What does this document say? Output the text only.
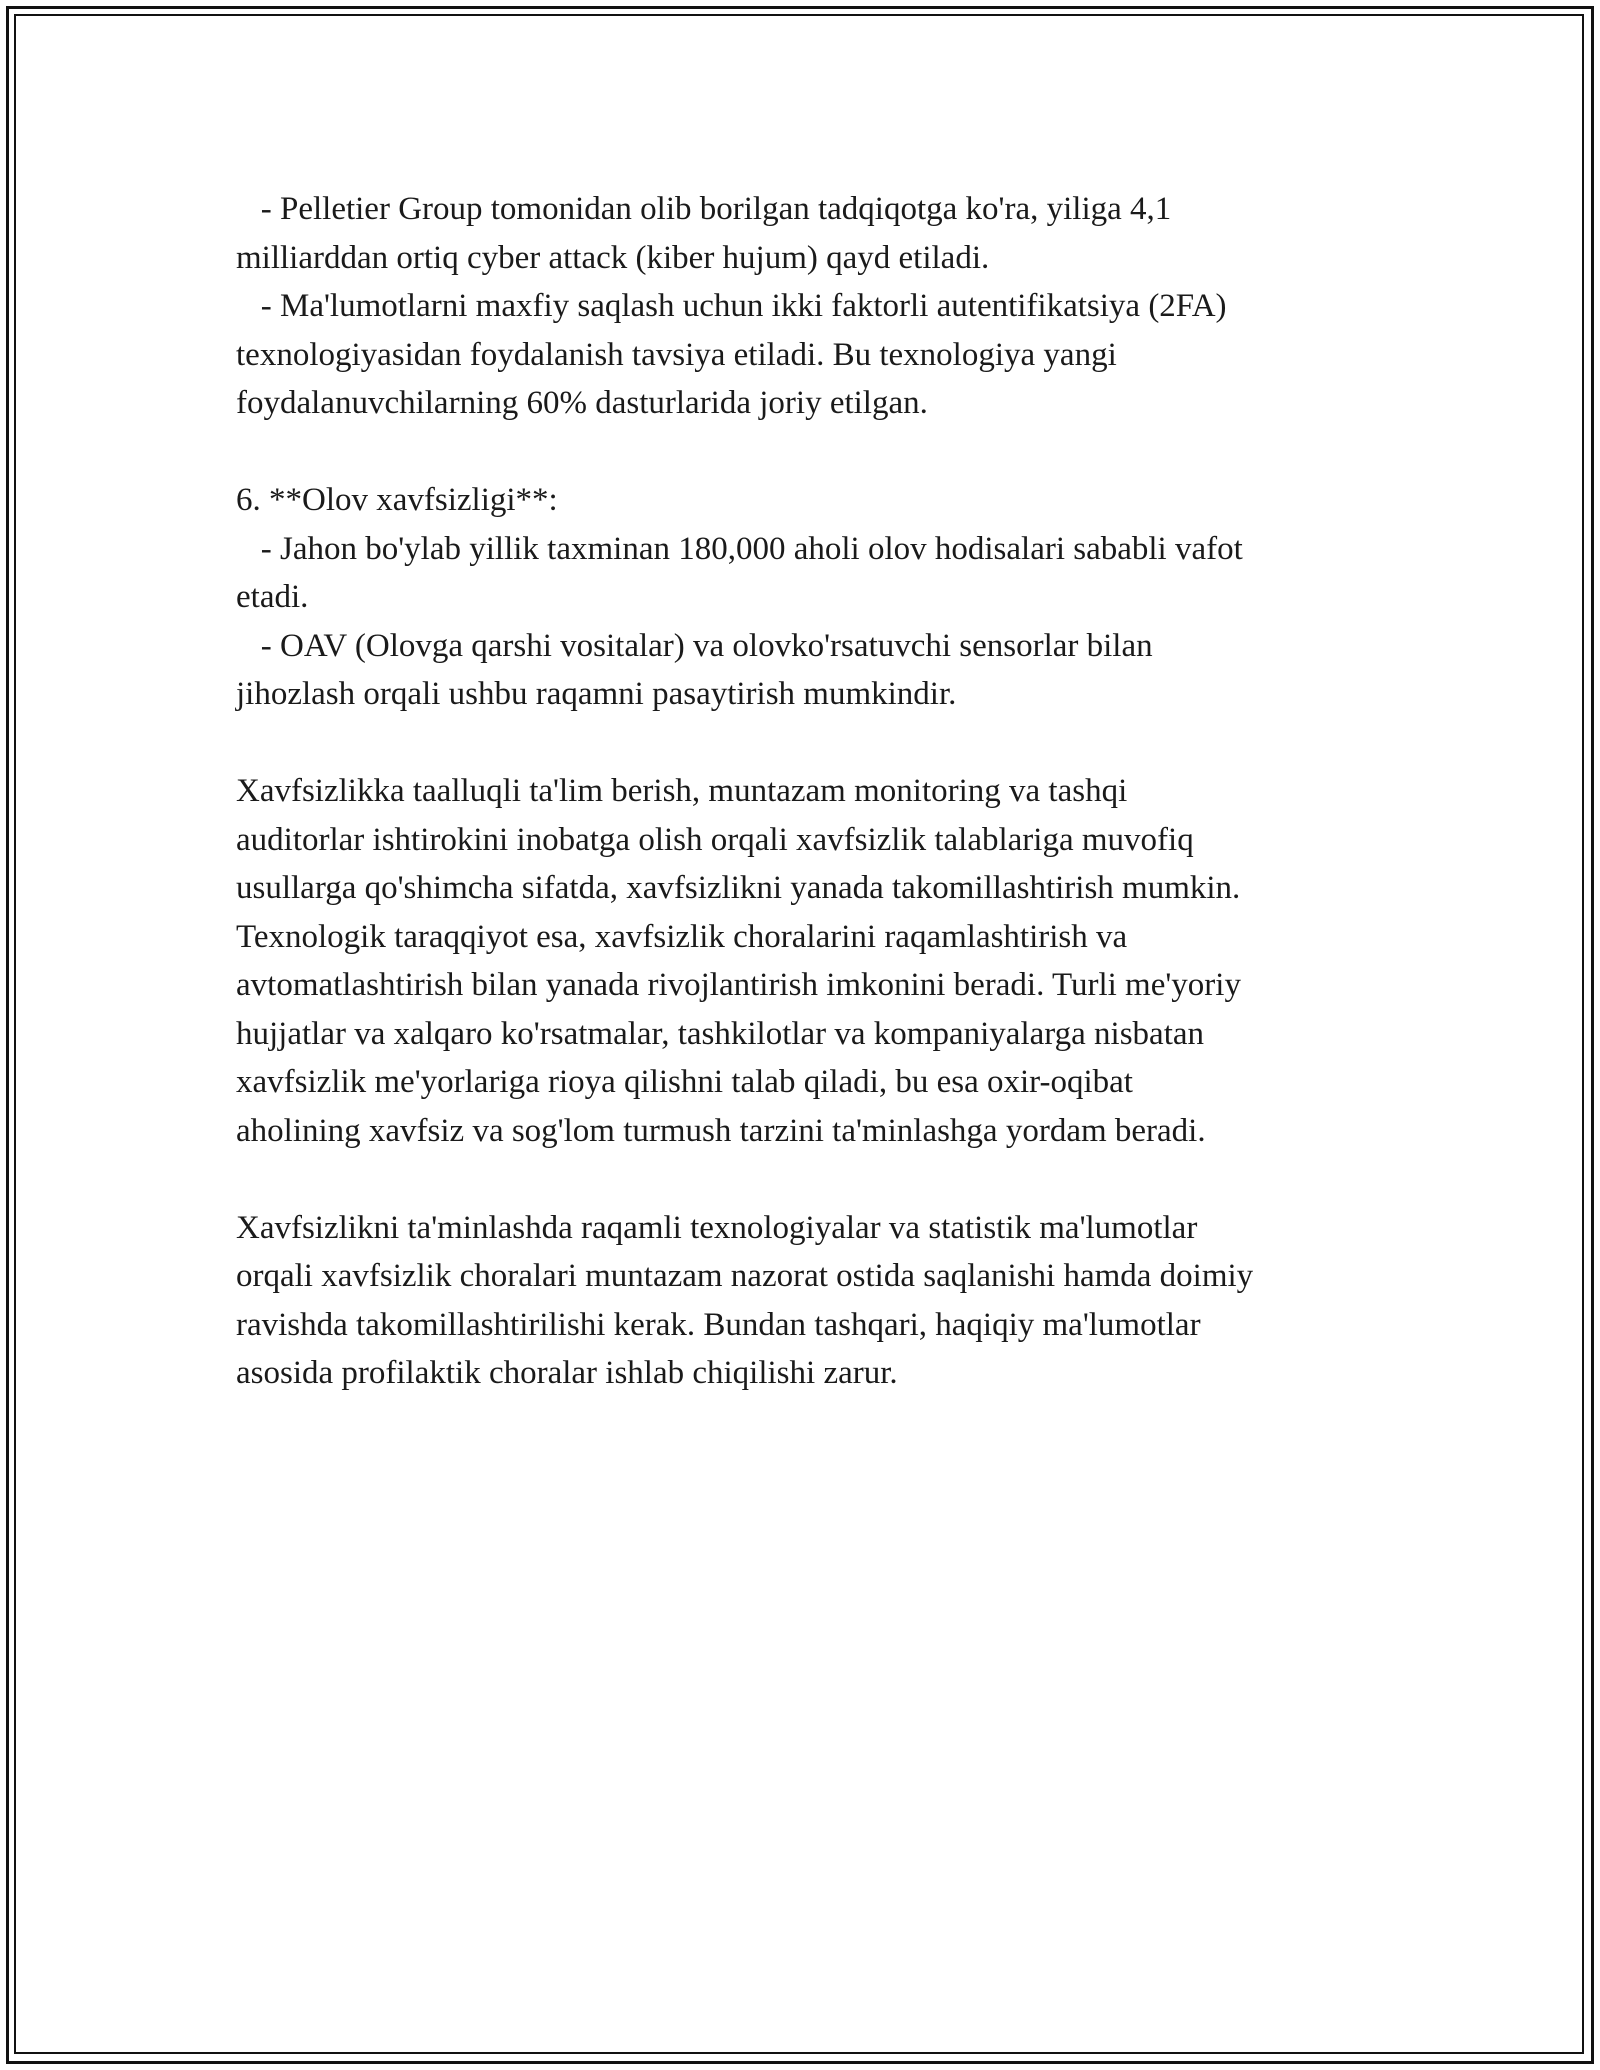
- Pelletier Group tomonidan olib borilgan tadqiqotga ko'ra, yiliga 4,1
milliarddan ortiq cyber attack (kiber hujum) qayd etiladi.
- Ma'lumotlarni maxfiy saqlash uchun ikki faktorli autentifikatsiya (2FA)
texnologiyasidan foydalanish tavsiya etiladi. Bu texnologiya yangi
foydalanuvchilarning 60% dasturlarida joriy etilgan.
6. **Olov xavfsizligi**:
- Jahon bo'ylab yillik taxminan 180,000 aholi olov hodisalari sababli vafot
etadi.
- OAV (Olovga qarshi vositalar) va olovko'rsatuvchi sensorlar bilan
jihozlash orqali ushbu raqamni pasaytirish mumkindir.
Xavfsizlikka taalluqli ta'lim berish, muntazam monitoring va tashqi
auditorlar ishtirokini inobatga olish orqali xavfsizlik talablariga muvofiq
usullarga qo'shimcha sifatda, xavfsizlikni yanada takomillashtirish mumkin.
Texnologik taraqqiyot esa, xavfsizlik choralarini raqamlashtirish va
avtomatlashtirish bilan yanada rivojlantirish imkonini beradi. Turli me'yoriy
hujjatlar va xalqaro ko'rsatmalar, tashkilotlar va kompaniyalarga nisbatan
xavfsizlik me'yorlariga rioya qilishni talab qiladi, bu esa oxir-oqibat
aholining xavfsiz va sog'lom turmush tarzini ta'minlashga yordam beradi.
Xavfsizlikni ta'minlashda raqamli texnologiyalar va statistik ma'lumotlar
orqali xavfsizlik choralari muntazam nazorat ostida saqlanishi hamda doimiy
ravishda takomillashtirilishi kerak. Bundan tashqari, haqiqiy ma'lumotlar
asosida profilaktik choralar ishlab chiqilishi zarur.
